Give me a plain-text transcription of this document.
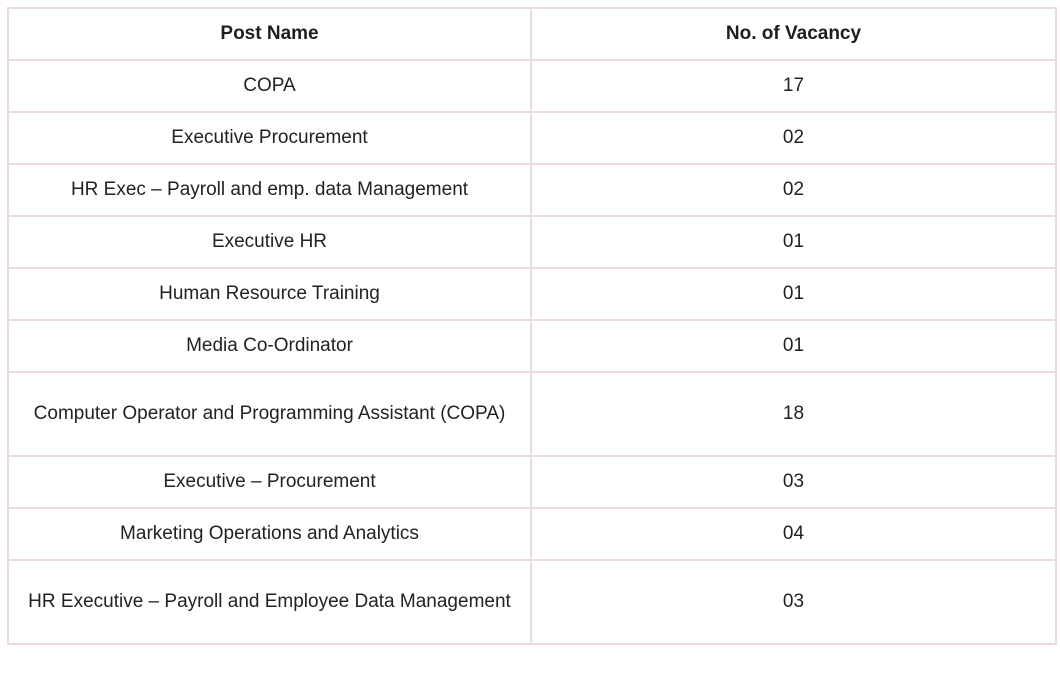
Post Name	No. of Vacancy
COPA	17
Executive Procurement	02
HR Exec – Payroll and emp. data Management	02
Executive HR	01
Human Resource Training	01
Media Co-Ordinator	01
Computer Operator and Programming Assistant (COPA)	18
Executive – Procurement	03
Marketing Operations and Analytics	04
HR Executive – Payroll and Employee Data Management	03
